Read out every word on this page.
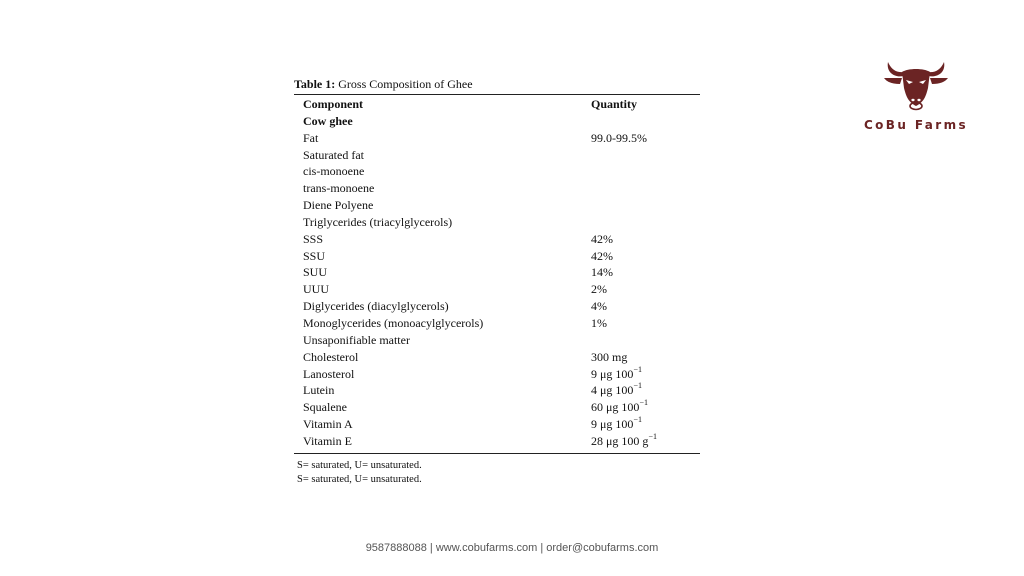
Table 1: Gross Composition of Ghee
Component	Quantity
Cow ghee	
Fat	99.0-99.5%
Saturated fat	
cis-monoene	
trans-monoene	
Diene Polyene	
Triglycerides (triacylglycerols)	
SSS	42%
SSU	42%
SUU	14%
UUU	2%
Diglycerides (diacylglycerols)	4%
Monoglycerides (monoacylglycerols)	1%
Unsaponifiable matter	
Cholesterol	300 mg
Lanosterol	9 μg $100^{-1}$
Lutein	4 μg $100^{-1}$
Squalene	60 μg $100^{-1}$
Vitamin A	9 μg $100^{-1}$
Vitamin E	28 μg 100 $g^{-1}$
S= saturated, U= unsaturated.
S= saturated, U= unsaturated.
CoBu Farms
9587888088 | www.cobufarms.com | order@cobufarms.com
